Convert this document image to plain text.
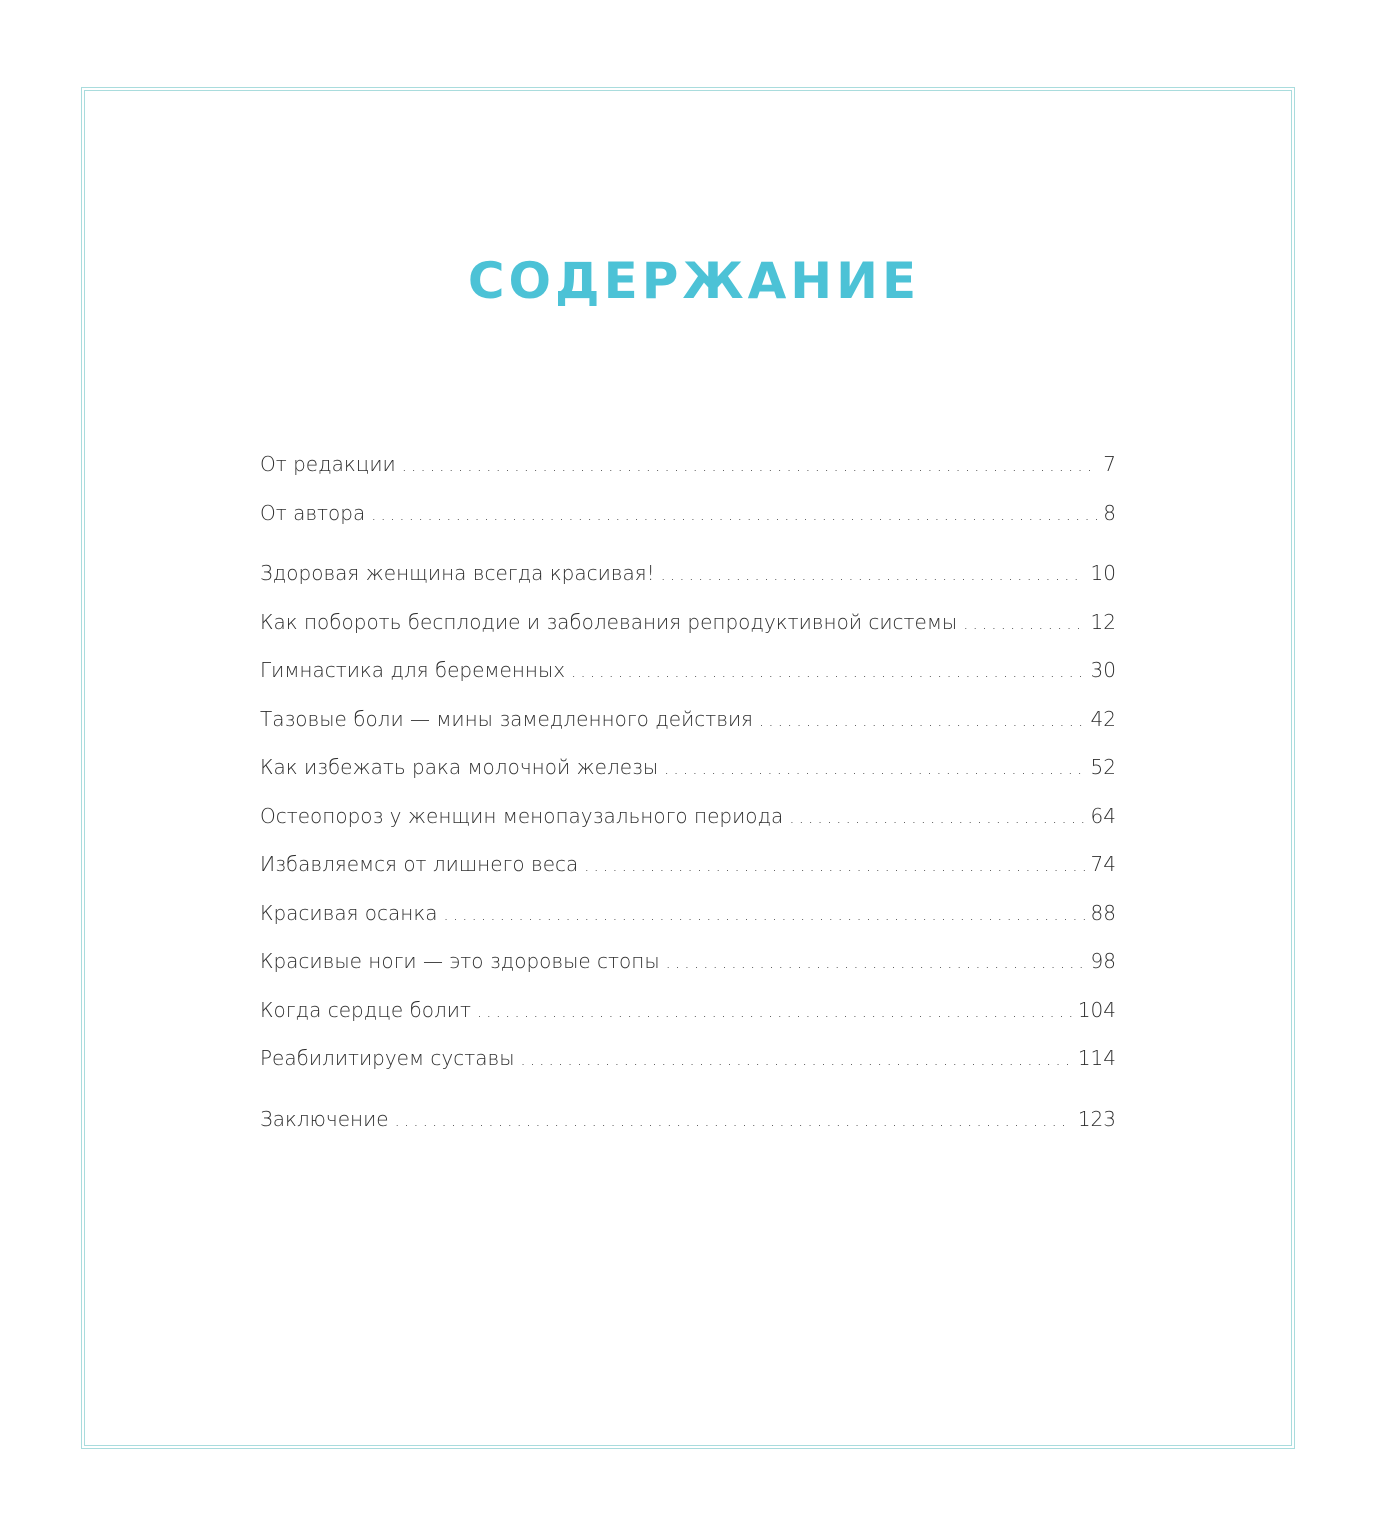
СОДЕРЖАНИЕ
От редакции .....	7
От автора .....	8
Здоровая женщина всегда красивая! .....	10
Как побороть бесплодие и заболевания репродуктивной системы .....	12
Гимнастика для беременных .....	30
Тазовые боли — мины замедленного действия .....	42
Как избежать рака молочной железы .....	52
Остеопороз у женщин менопаузального периода .....	64
Избавляемся от лишнего веса .....	74
Красивая осанка .....	88
Красивые ноги — это здоровые стопы .....	98
Когда сердце болит .....	104
Реабилитируем суставы .....	114
Заключение .....	123
